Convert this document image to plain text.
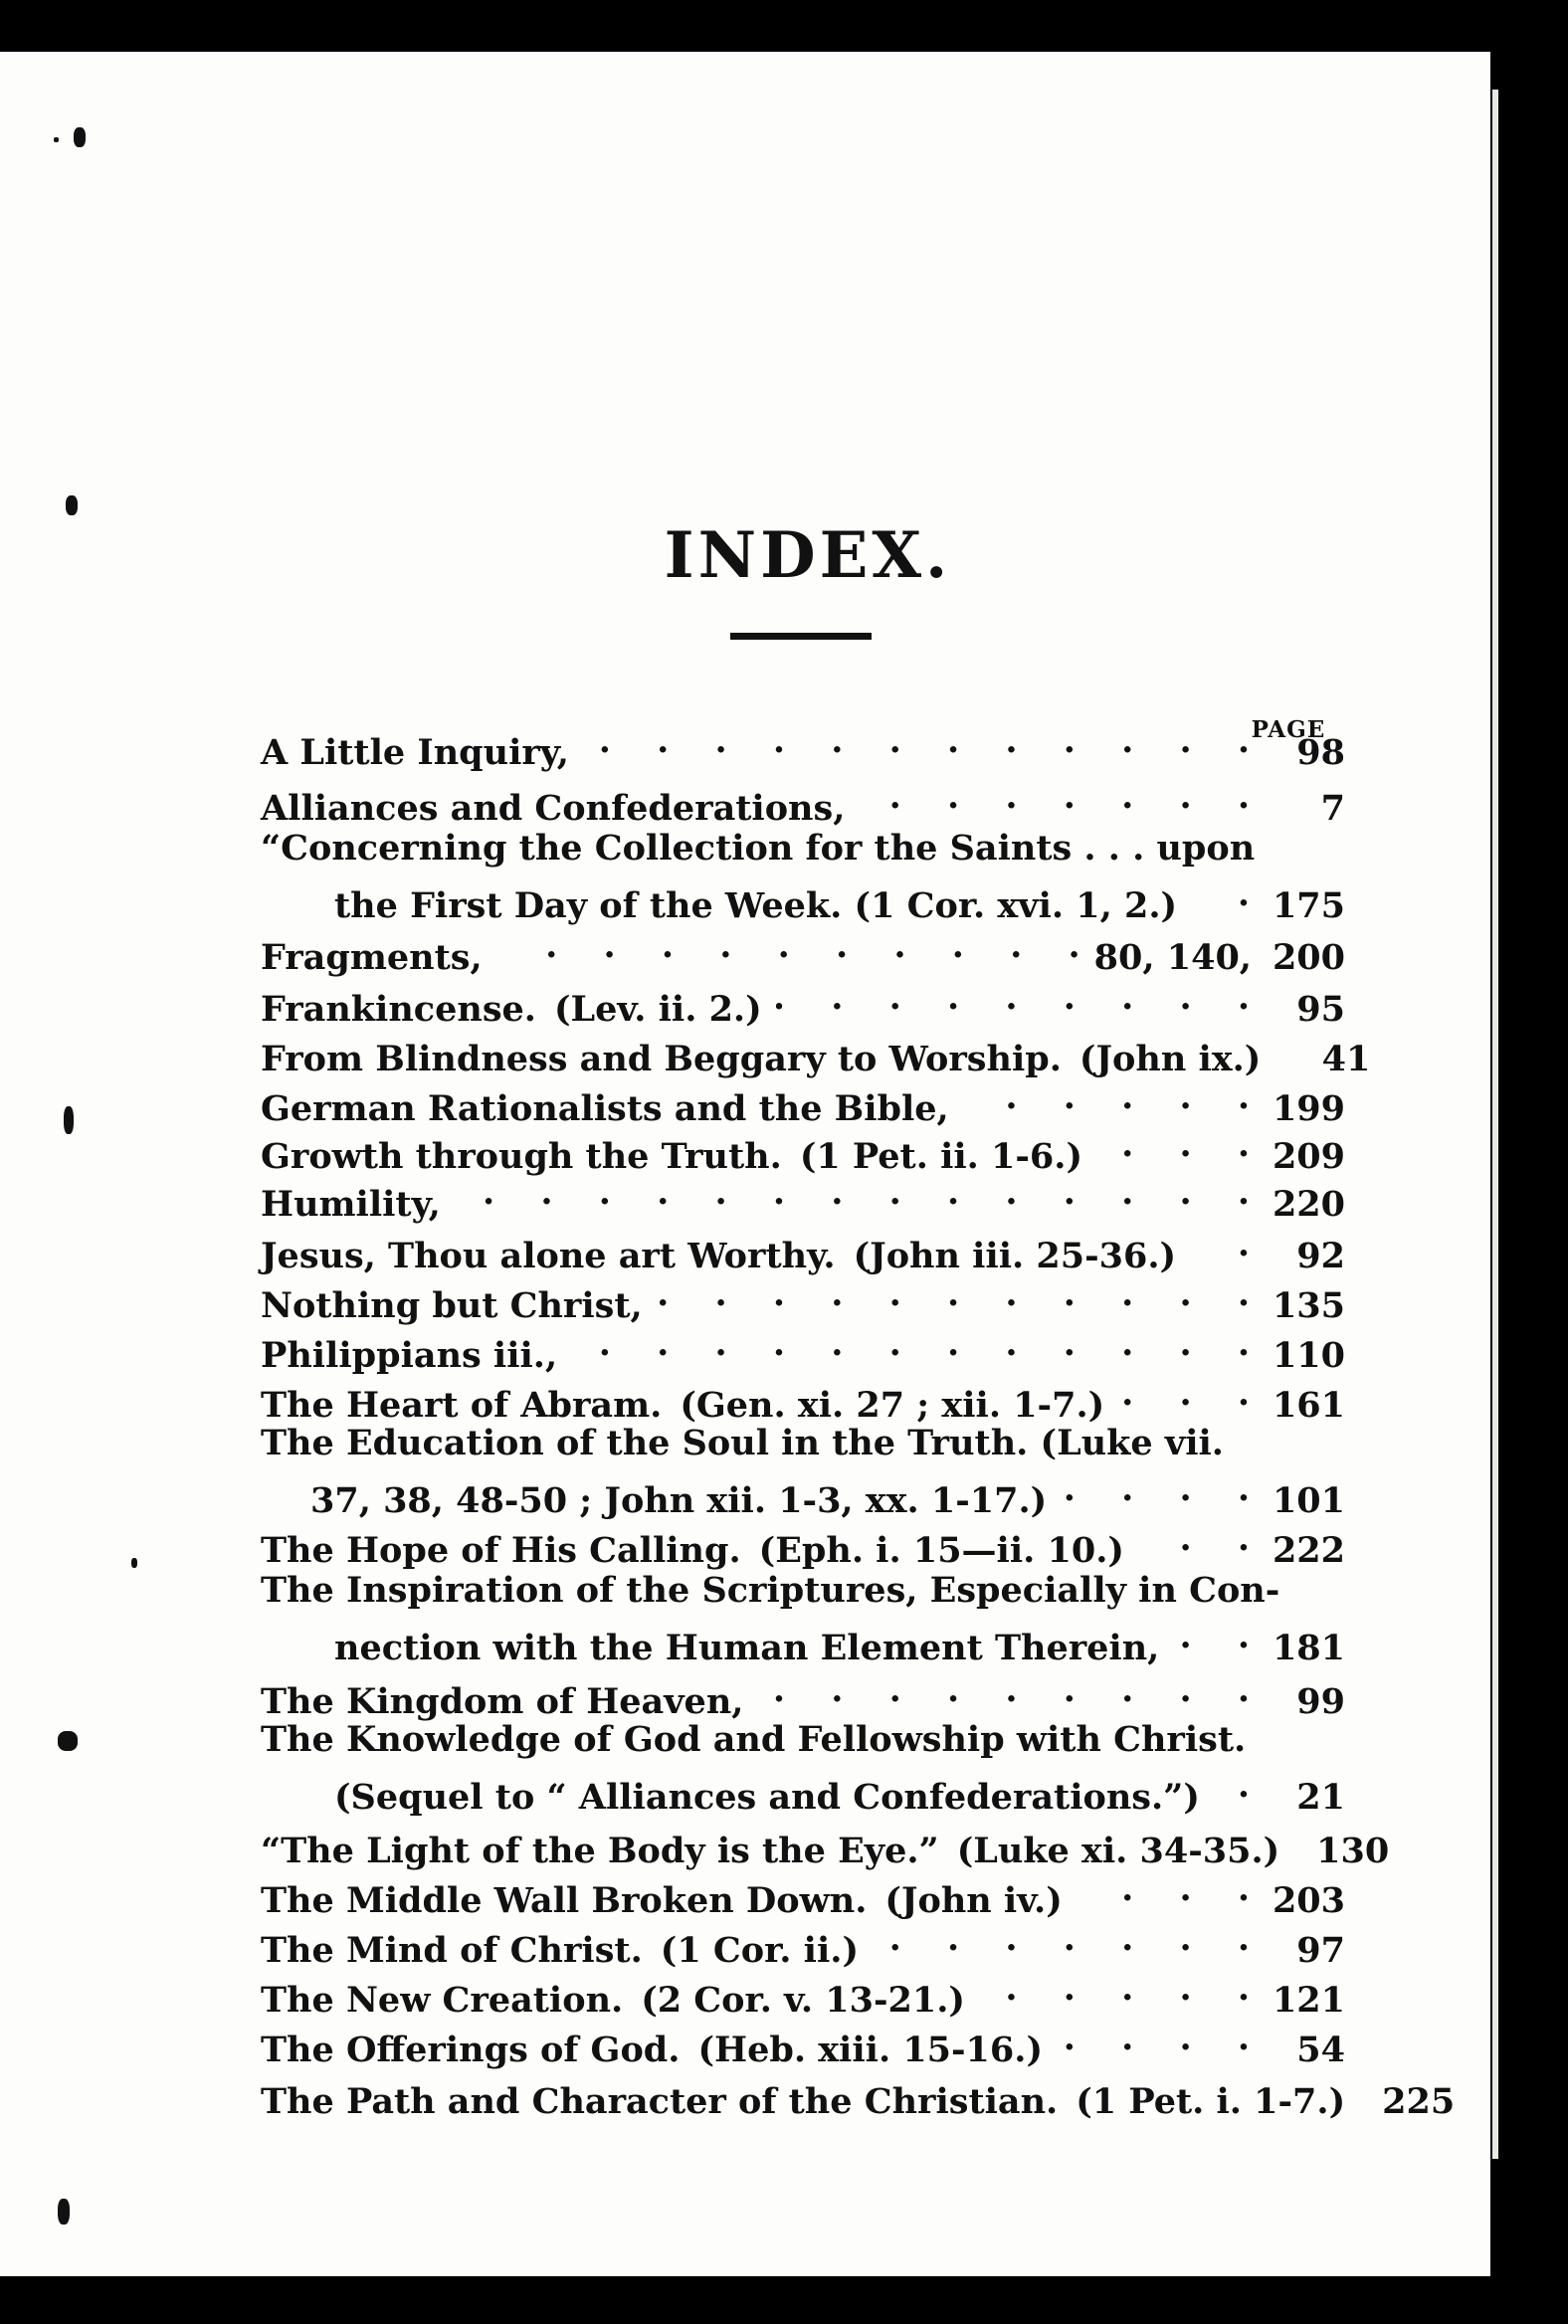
INDEX.
PAGE
A Little Inquiry, . . .	98
Alliances and Confederations, . . .	7
“Concerning the Collection for the Saints . . . upon
the First Day of the Week. (1 Cor. xvi. 1, 2.) . . .	175
Fragments, . . .	80, 140, 200
Frankincense. (Lev. ii. 2.) . . .	95
From Blindness and Beggary to Worship. (John ix.)	41
German Rationalists and the Bible, . . .	199
Growth through the Truth. (1 Pet. ii. 1-6.) . . .	209
Humility, . . .	220
Jesus, Thou alone art Worthy. (John iii. 25-36.) . . .	92
Nothing but Christ, . . .	135
Philippians iii., . . .	110
The Heart of Abram. (Gen. xi. 27 ; xii. 1-7.) . . .	161
The Education of the Soul in the Truth. (Luke vii.
37, 38, 48-50 ; John xii. 1-3, xx. 1-17.) . . .	101
The Hope of His Calling. (Eph. i. 15—ii. 10.) . . .	222
The Inspiration of the Scriptures, Especially in Con-
nection with the Human Element Therein, . . .	181
The Kingdom of Heaven, . . .	99
The Knowledge of God and Fellowship with Christ.
(Sequel to “ Alliances and Confederations.”) . . .	21
“The Light of the Body is the Eye.” (Luke xi. 34-35.) 130
The Middle Wall Broken Down. (John iv.) . . .	203
The Mind of Christ. (1 Cor. ii.) . . .	97
The New Creation. (2 Cor. v. 13-21.) . . .	121
The Offerings of God. (Heb. xiii. 15-16.) . . .	54
The Path and Character of the Christian. (1 Pet. i. 1-7.) 225
